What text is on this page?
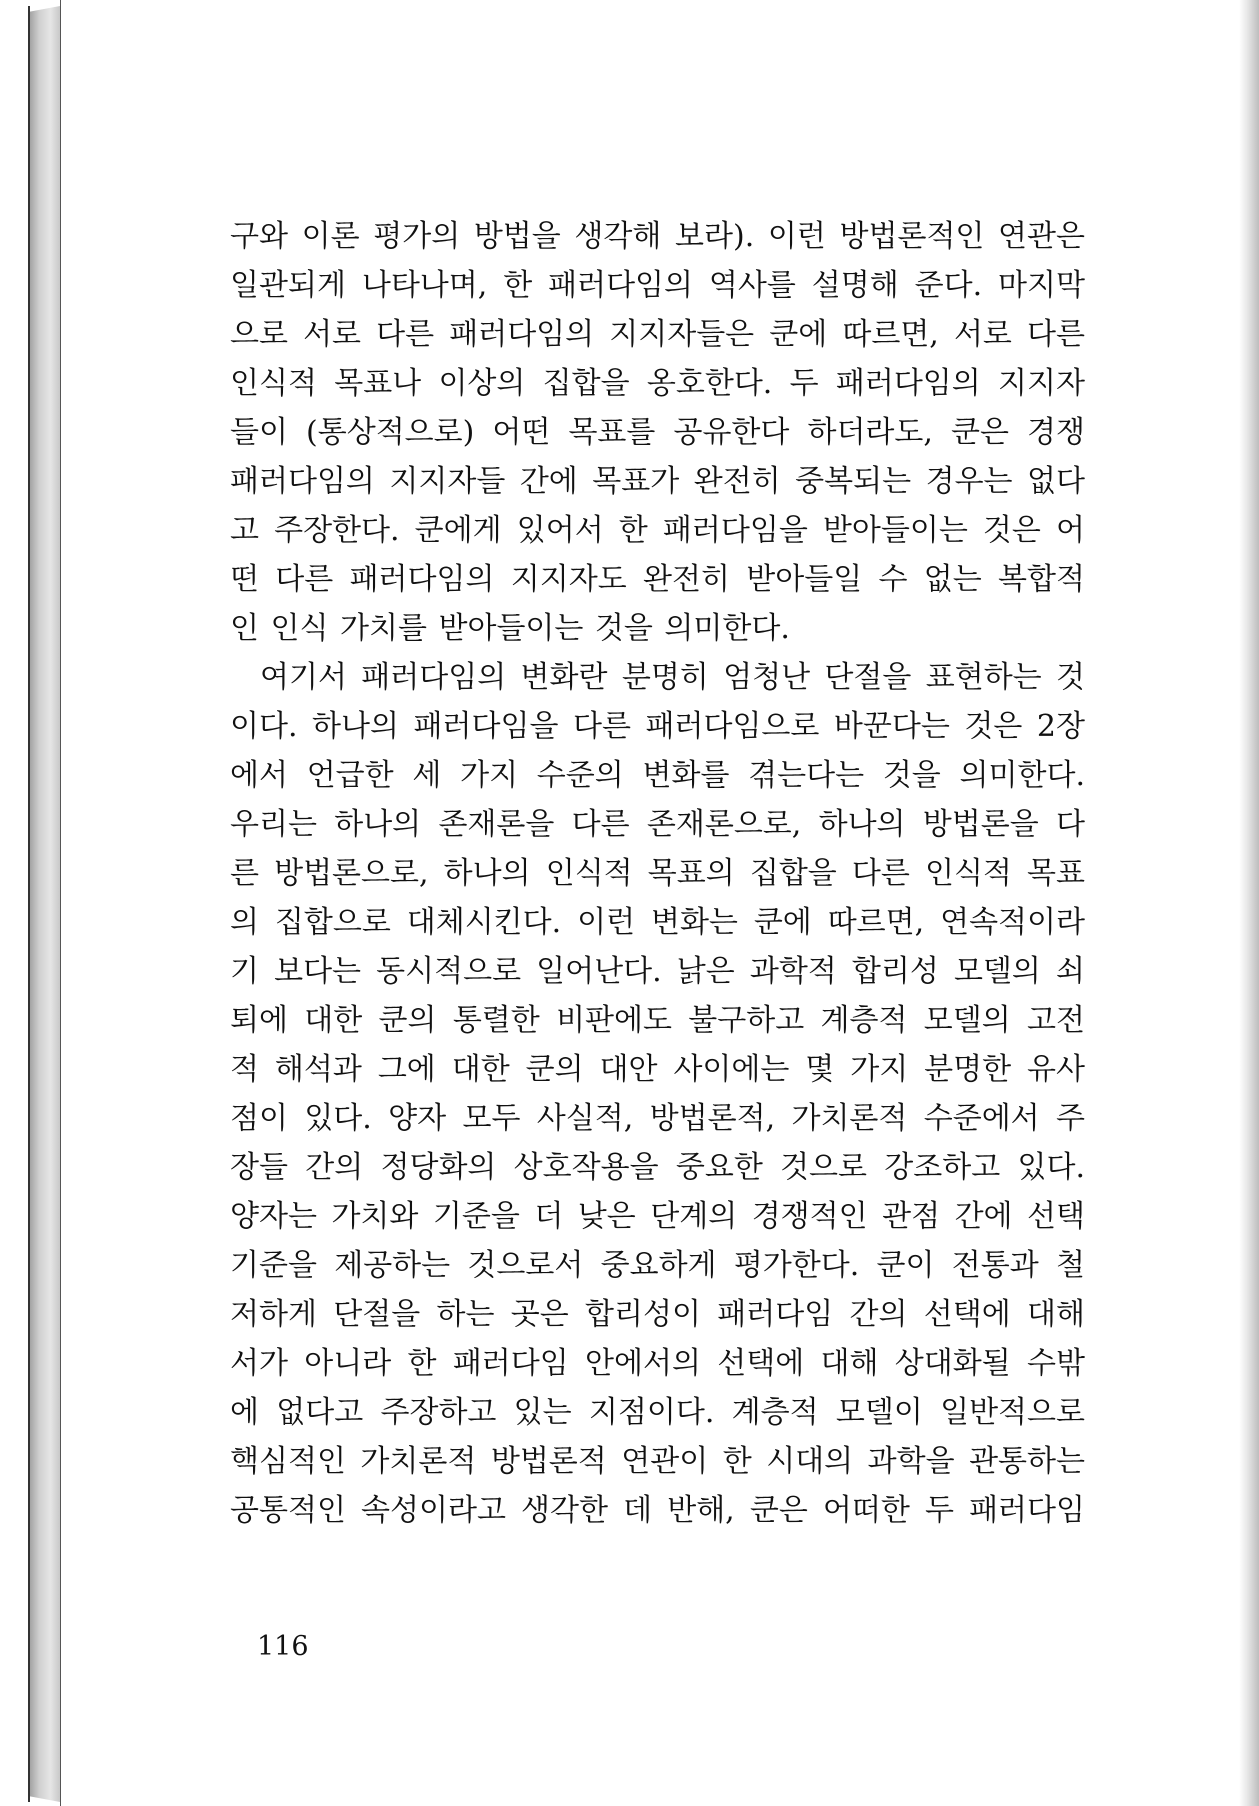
구와 이론 평가의 방법을 생각해 보라). 이런 방법론적인 연관은
일관되게 나타나며, 한 패러다임의 역사를 설명해 준다. 마지막
으로 서로 다른 패러다임의 지지자들은 쿤에 따르면, 서로 다른
인식적 목표나 이상의 집합을 옹호한다. 두 패러다임의 지지자
들이 (통상적으로) 어떤 목표를 공유한다 하더라도, 쿤은 경쟁
패러다임의 지지자들 간에 목표가 완전히 중복되는 경우는 없다
고 주장한다. 쿤에게 있어서 한 패러다임을 받아들이는 것은 어
떤 다른 패러다임의 지지자도 완전히 받아들일 수 없는 복합적
인 인식 가치를 받아들이는 것을 의미한다.
여기서 패러다임의 변화란 분명히 엄청난 단절을 표현하는 것
이다. 하나의 패러다임을 다른 패러다임으로 바꾼다는 것은 2장
에서 언급한 세 가지 수준의 변화를 겪는다는 것을 의미한다.
우리는 하나의 존재론을 다른 존재론으로, 하나의 방법론을 다
른 방법론으로, 하나의 인식적 목표의 집합을 다른 인식적 목표
의 집합으로 대체시킨다. 이런 변화는 쿤에 따르면, 연속적이라
기 보다는 동시적으로 일어난다. 낡은 과학적 합리성 모델의 쇠
퇴에 대한 쿤의 통렬한 비판에도 불구하고 계층적 모델의 고전
적 해석과 그에 대한 쿤의 대안 사이에는 몇 가지 분명한 유사
점이 있다. 양자 모두 사실적, 방법론적, 가치론적 수준에서 주
장들 간의 정당화의 상호작용을 중요한 것으로 강조하고 있다.
양자는 가치와 기준을 더 낮은 단계의 경쟁적인 관점 간에 선택
기준을 제공하는 것으로서 중요하게 평가한다. 쿤이 전통과 철
저하게 단절을 하는 곳은 합리성이 패러다임 간의 선택에 대해
서가 아니라 한 패러다임 안에서의 선택에 대해 상대화될 수밖
에 없다고 주장하고 있는 지점이다. 계층적 모델이 일반적으로
핵심적인 가치론적 방법론적 연관이 한 시대의 과학을 관통하는
공통적인 속성이라고 생각한 데 반해, 쿤은 어떠한 두 패러다임
116
